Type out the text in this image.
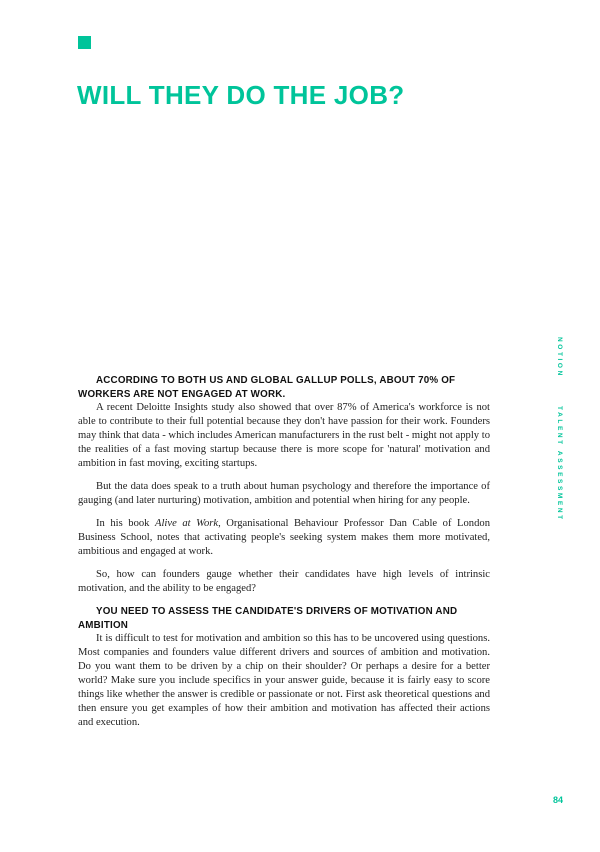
WILL THEY DO THE JOB?
NOTION
TALENT ASSESSMENT

ACCORDING TO BOTH US AND GLOBAL GALLUP POLLS, ABOUT 70% OF WORKERS ARE NOT ENGAGED AT WORK.

A recent Deloitte Insights study also showed that over 87% of America's workforce is not able to contribute to their full potential because they don't have passion for their work. Founders may think that data - which includes American manufacturers in the rust belt - might not apply to the realities of a fast moving startup because there is more scope for 'natural' motivation and ambition in fast moving, exciting startups.

But the data does speak to a truth about human psychology and therefore the importance of gauging (and later nurturing) motivation, ambition and potential when hiring for any people.

In his book Alive at Work, Organisational Behaviour Professor Dan Cable of London Business School, notes that activating people's seeking system makes them more motivated, ambitious and engaged at work.

So, how can founders gauge whether their candidates have high levels of intrinsic motivation, and the ability to be engaged?

YOU NEED TO ASSESS THE CANDIDATE'S DRIVERS OF MOTIVATION AND AMBITION

It is difficult to test for motivation and ambition so this has to be uncovered using questions. Most companies and founders value different drivers and sources of ambition and motivation. Do you want them to be driven by a chip on their shoulder? Or perhaps a desire for a better world? Make sure you include specifics in your answer guide, because it is fairly easy to score things like whether the answer is credible or passionate or not. First ask theoretical questions and then ensure you get examples of how their ambition and motivation has affected their actions and execution.

84
